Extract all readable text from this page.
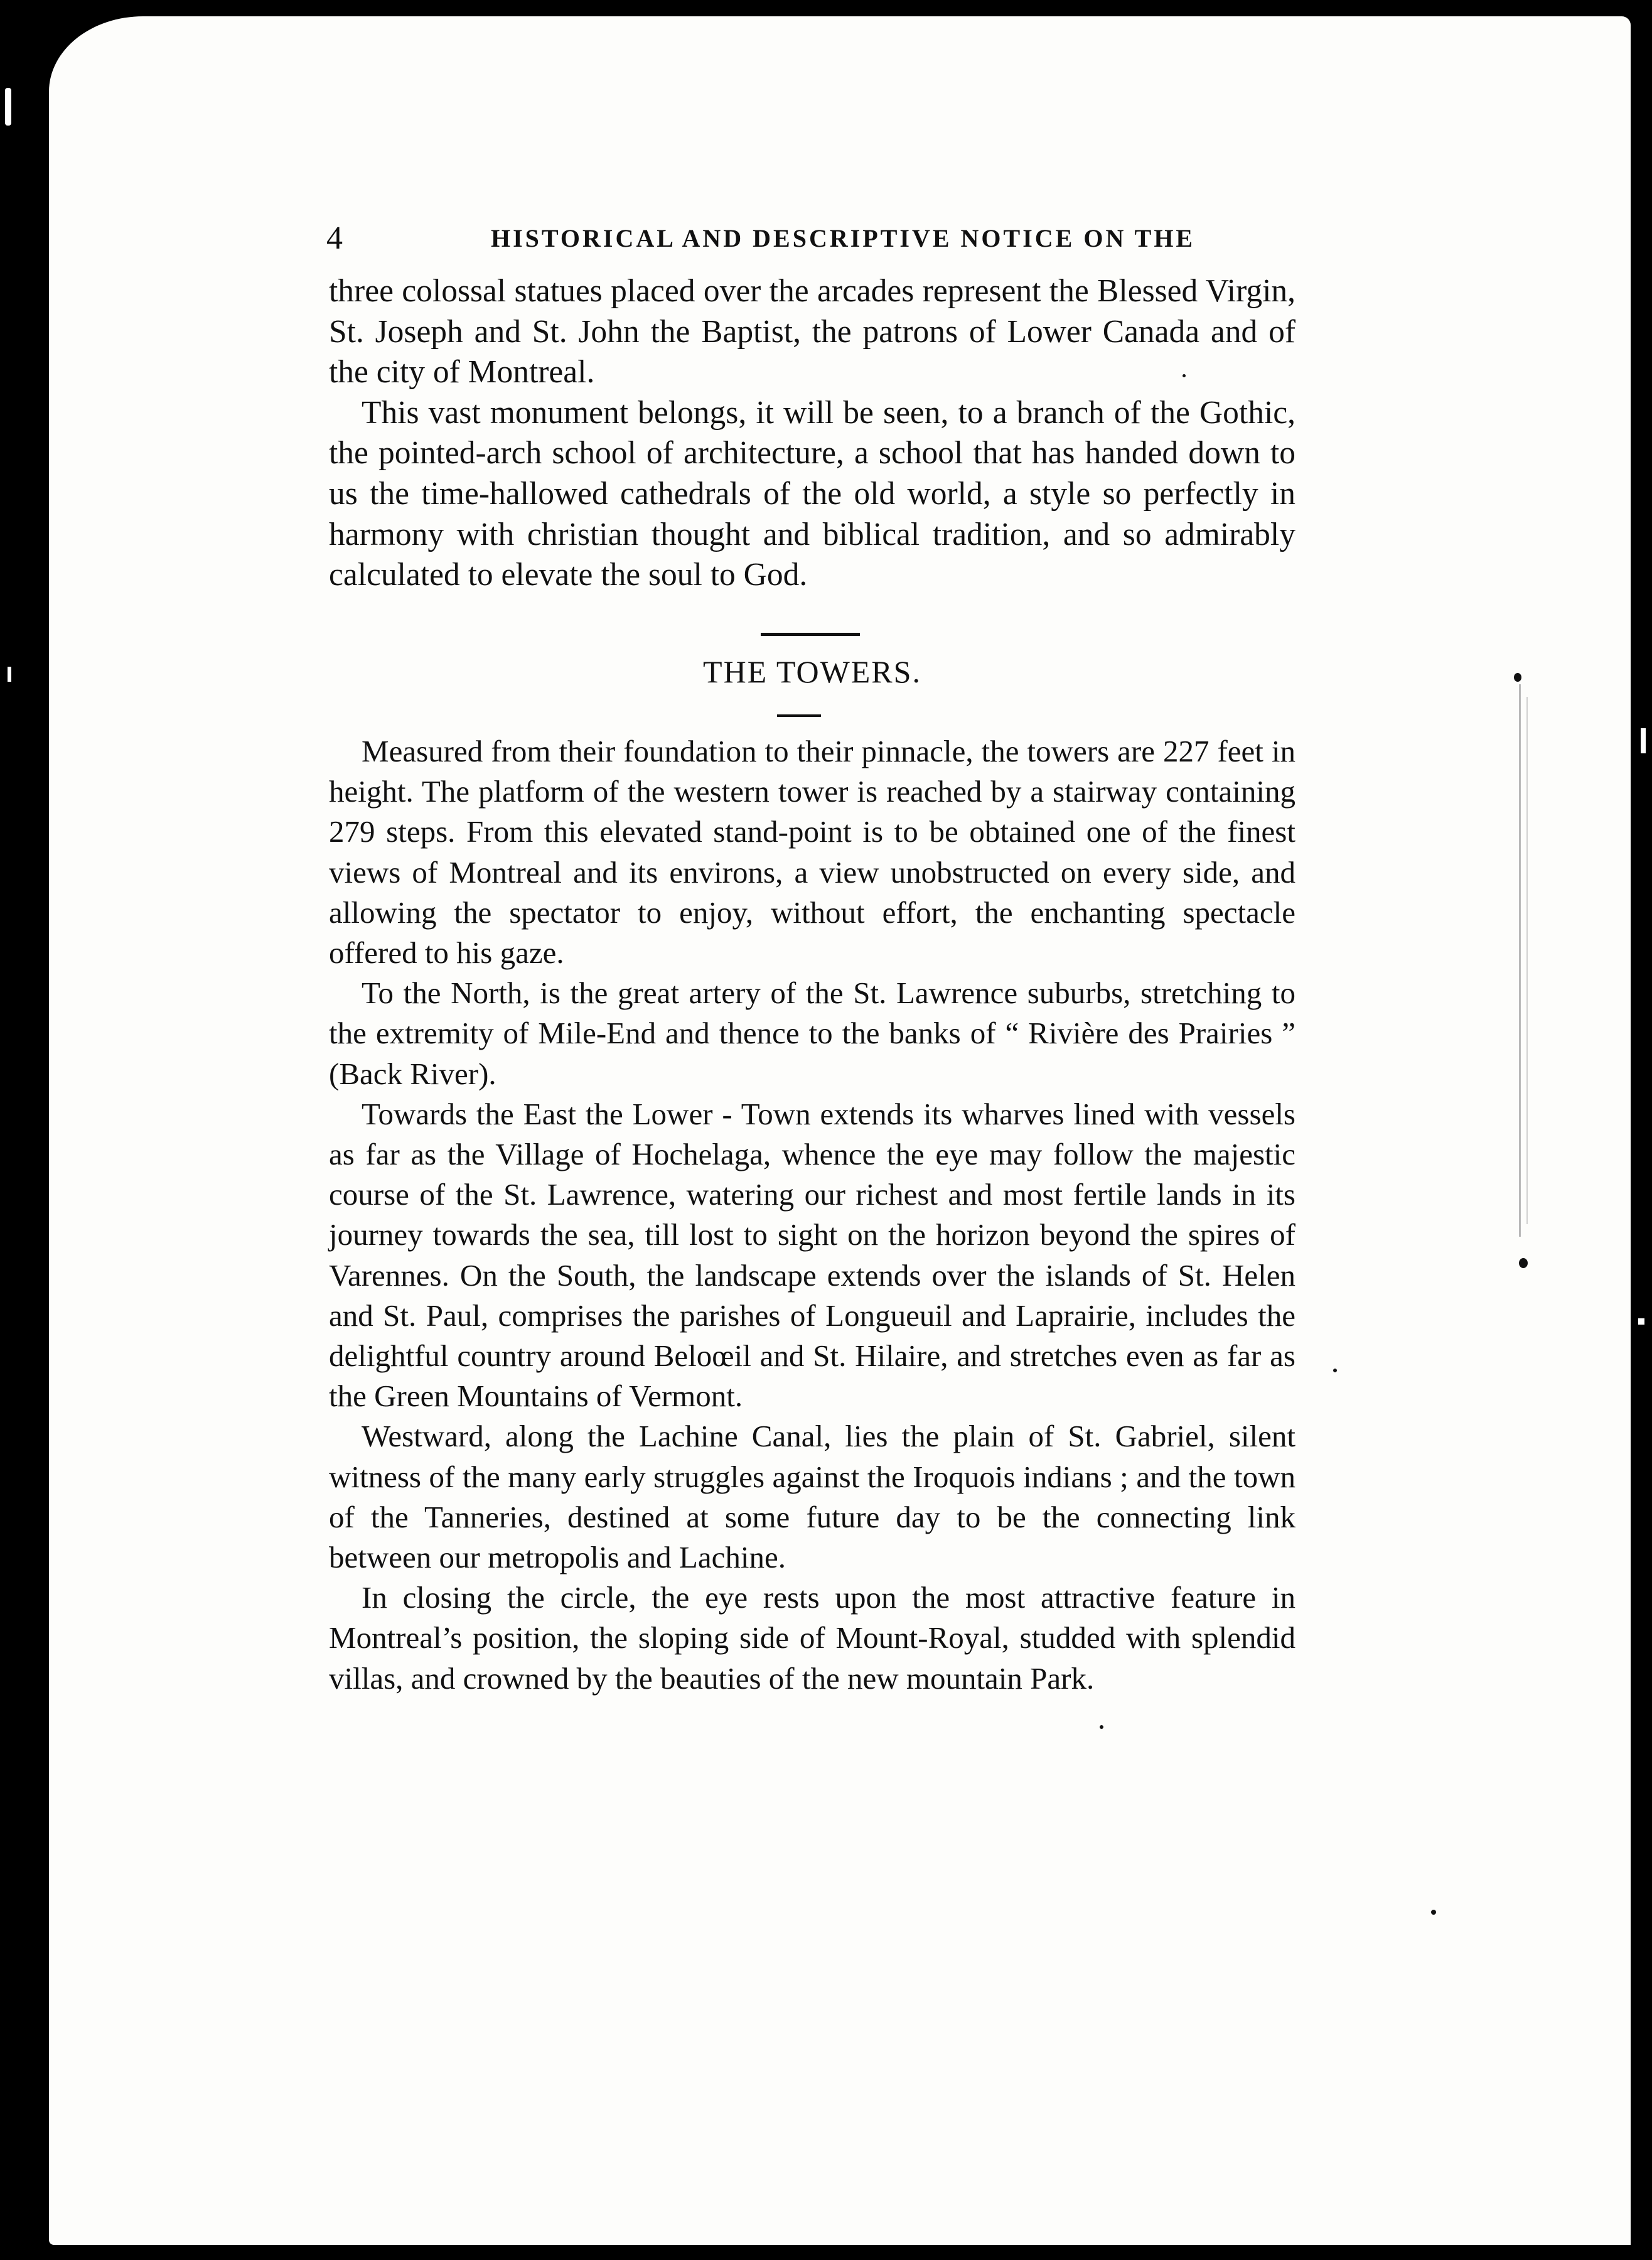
4	HISTORICAL AND DESCRIPTIVE NOTICE ON THE

three colossal statues placed over the arcades represent the Blessed Virgin, St. Joseph and St. John the Baptist, the patrons of Lower Canada and of the city of Montreal.

This vast monument belongs, it will be seen, to a branch of the Gothic, the pointed-arch school of architecture, a school that has handed down to us the time-hallowed cathedrals of the old world, a style so perfectly in harmony with christian thought and biblical tradition, and so admirably calculated to elevate the soul to God.

THE TOWERS.

Measured from their foundation to their pinnacle, the towers are 227 feet in height. The platform of the western tower is reached by a stairway containing 279 steps. From this elevated stand-point is to be obtained one of the finest views of Montreal and its environs, a view unobstructed on every side, and allowing the spectator to enjoy, without effort, the enchanting spectacle offered to his gaze.

To the North, is the great artery of the St. Lawrence suburbs, stretching to the extremity of Mile-End and thence to the banks of “ Rivière des Prairies ” (Back River).

Towards the East the Lower - Town extends its wharves lined with vessels as far as the Village of Hochelaga, whence the eye may follow the majestic course of the St. Lawrence, watering our richest and most fertile lands in its journey towards the sea, till lost to sight on the horizon beyond the spires of Varennes. On the South, the landscape extends over the islands of St. Helen and St. Paul, comprises the parishes of Longueuil and Laprairie, includes the delightful country around Beloœil and St. Hilaire, and stretches even as far as the Green Mountains of Vermont.

Westward, along the Lachine Canal, lies the plain of St. Gabriel, silent witness of the many early struggles against the Iroquois indians ; and the town of the Tanneries, destined at some future day to be the connecting link between our metropolis and Lachine.

In closing the circle, the eye rests upon the most attractive feature in Montreal’s position, the sloping side of Mount-Royal, studded with splendid villas, and crowned by the beauties of the new mountain Park.
